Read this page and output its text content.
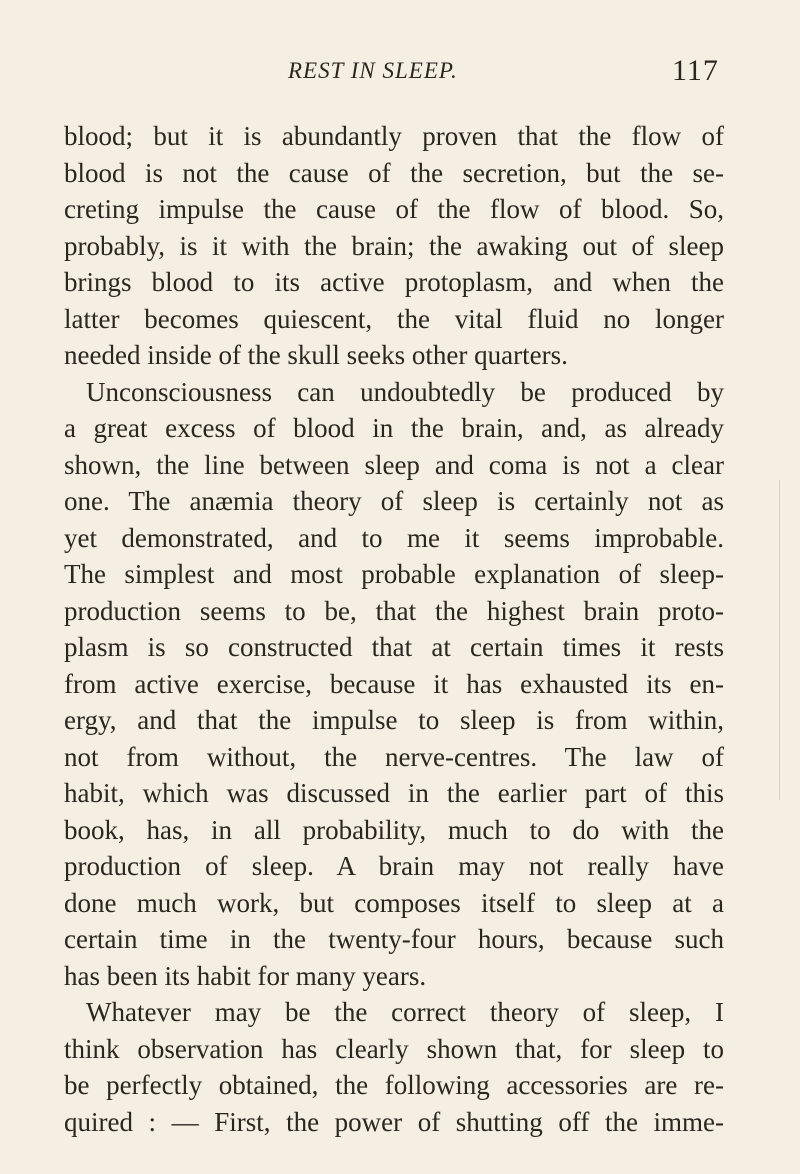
REST IN SLEEP.	117
blood; but it is abundantly proven that the flow of
blood is not the cause of the secretion, but the se-
creting impulse the cause of the flow of blood. So,
probably, is it with the brain; the awaking out of sleep
brings blood to its active protoplasm, and when the
latter becomes quiescent, the vital fluid no longer
needed inside of the skull seeks other quarters.
Unconsciousness can undoubtedly be produced by
a great excess of blood in the brain, and, as already
shown, the line between sleep and coma is not a clear
one. The anæmia theory of sleep is certainly not as
yet demonstrated, and to me it seems improbable.
The simplest and most probable explanation of sleep-
production seems to be, that the highest brain proto-
plasm is so constructed that at certain times it rests
from active exercise, because it has exhausted its en-
ergy, and that the impulse to sleep is from within,
not from without, the nerve-centres. The law of
habit, which was discussed in the earlier part of this
book, has, in all probability, much to do with the
production of sleep. A brain may not really have
done much work, but composes itself to sleep at a
certain time in the twenty-four hours, because such
has been its habit for many years.
Whatever may be the correct theory of sleep, I
think observation has clearly shown that, for sleep to
be perfectly obtained, the following accessories are re-
quired : — First, the power of shutting off the imme-
